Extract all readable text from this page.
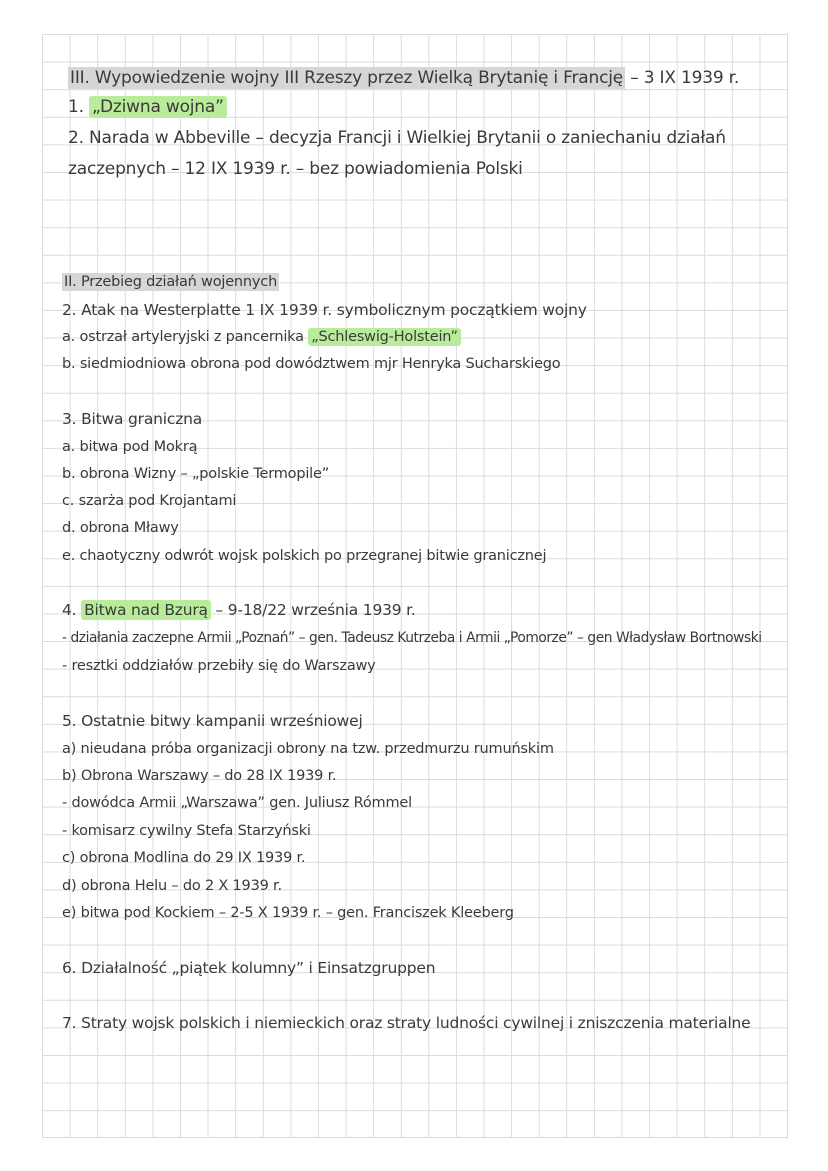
III. Wypowiedzenie wojny III Rzeszy przez Wielką Brytanię i Francję – 3 IX 1939 r.
1. „Dziwna wojna”
2. Narada w Abbeville – decyzja Francji i Wielkiej Brytanii o zaniechaniu działań
zaczepnych – 12 IX 1939 r. – bez powiadomienia Polski
II. Przebieg działań wojennych
2. Atak na Westerplatte 1 IX 1939 r. symbolicznym początkiem wojny
a. ostrzał artyleryjski z pancernika „Schleswig-Holstein”
b. siedmiodniowa obrona pod dowództwem mjr Henryka Sucharskiego
3. Bitwa graniczna
a. bitwa pod Mokrą
b. obrona Wizny – „polskie Termopile”
c. szarża pod Krojantami
d. obrona Mławy
e. chaotyczny odwrót wojsk polskich po przegranej bitwie granicznej
4. Bitwa nad Bzurą – 9-18/22 września 1939 r.
- działania zaczepne Armii „Poznań” – gen. Tadeusz Kutrzeba i Armii „Pomorze” – gen Władysław Bortnowski
- resztki oddziałów przebiły się do Warszawy
5. Ostatnie bitwy kampanii wrześniowej
a) nieudana próba organizacji obrony na tzw. przedmurzu rumuńskim
b) Obrona Warszawy – do 28 IX 1939 r.
- dowódca Armii „Warszawa” gen. Juliusz Rómmel
- komisarz cywilny Stefa Starzyński
c) obrona Modlina do 29 IX 1939 r.
d) obrona Helu – do 2 X 1939 r.
e) bitwa pod Kockiem – 2-5 X 1939 r. – gen. Franciszek Kleeberg
6. Działalność „piątek kolumny” i Einsatzgruppen
7. Straty wojsk polskich i niemieckich oraz straty ludności cywilnej i zniszczenia materialne
